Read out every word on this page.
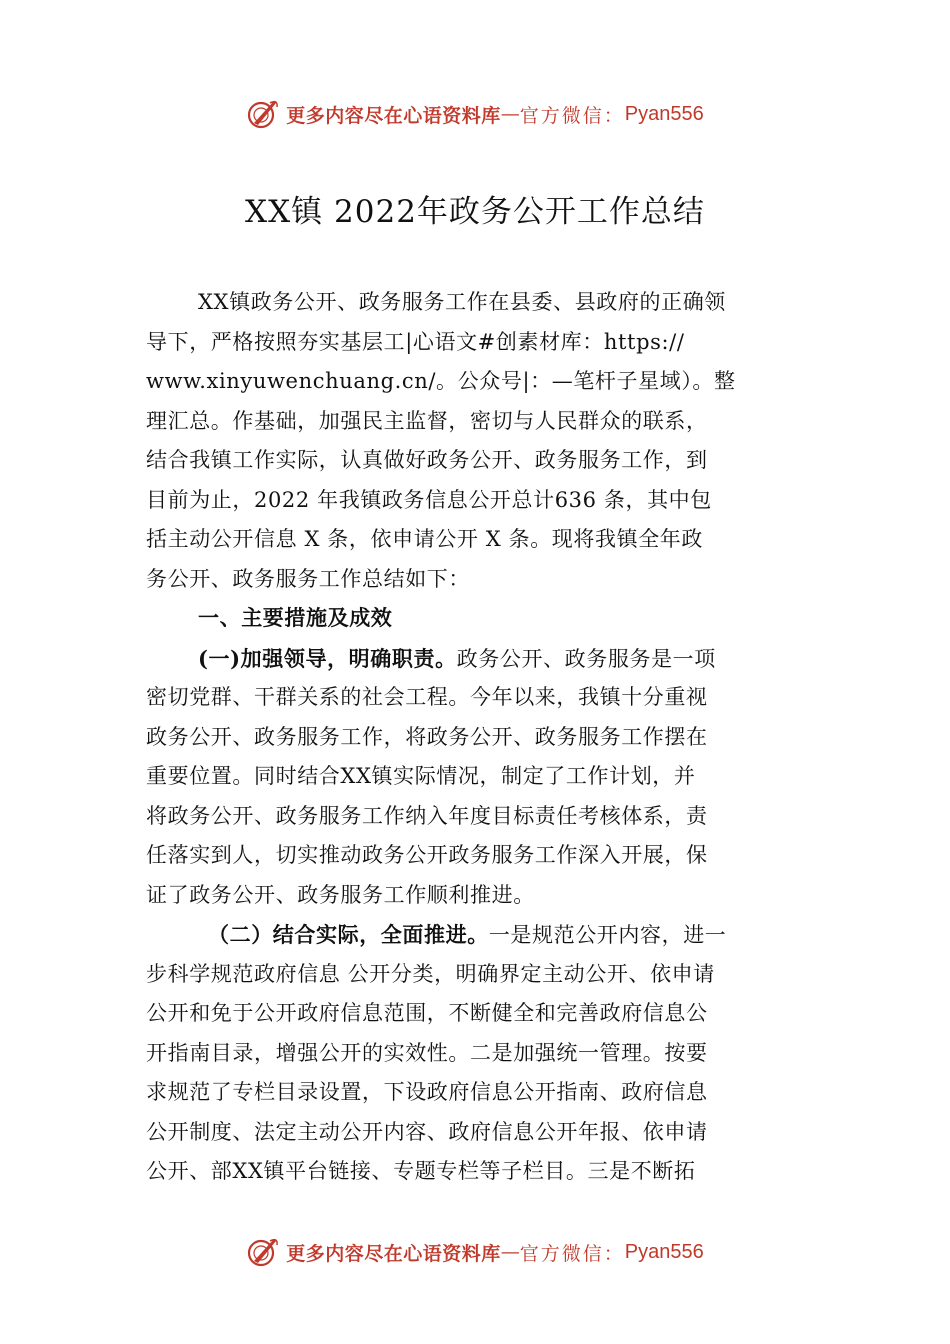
更多内容尽在心语资料库 — 官方微信： Pyan556
XX镇 2022年政务公开工作总结
XX镇政务公开、政务服务工作在县委、县政府的正确领
导下，严格按照夯实基层工|心语文#创素材库：https://
www.xinyuwenchuang.cn/。公众号|：—笔杆子星域）。整
理汇总。作基础，加强民主监督，密切与人民群众的联系，
结合我镇工作实际，认真做好政务公开、政务服务工作，到
目前为止，2022 年我镇政务信息公开总计636 条，其中包
括主动公开信息 X 条，依申请公开 X 条。现将我镇全年政
务公开、政务服务工作总结如下：
一、主要措施及成效
(一)加强领导，明确职责。政务公开、政务服务是一项
密切党群、干群关系的社会工程。今年以来，我镇十分重视
政务公开、政务服务工作，将政务公开、政务服务工作摆在
重要位置。同时结合XX镇实际情况，制定了工作计划，并
将政务公开、政务服务工作纳入年度目标责任考核体系，责
任落实到人，切实推动政务公开政务服务工作深入开展，保
证了政务公开、政务服务工作顺利推进。
（二）结合实际，全面推进。一是规范公开内容，进一
步科学规范政府信息 公开分类，明确界定主动公开、依申请
公开和免于公开政府信息范围，不断健全和完善政府信息公
开指南目录，增强公开的实效性。二是加强统一管理。按要
求规范了专栏目录设置，下设政府信息公开指南、政府信息
公开制度、法定主动公开内容、政府信息公开年报、依申请
公开、部XX镇平台链接、专题专栏等子栏目。三是不断拓
更多内容尽在心语资料库 — 官方微信： Pyan556
